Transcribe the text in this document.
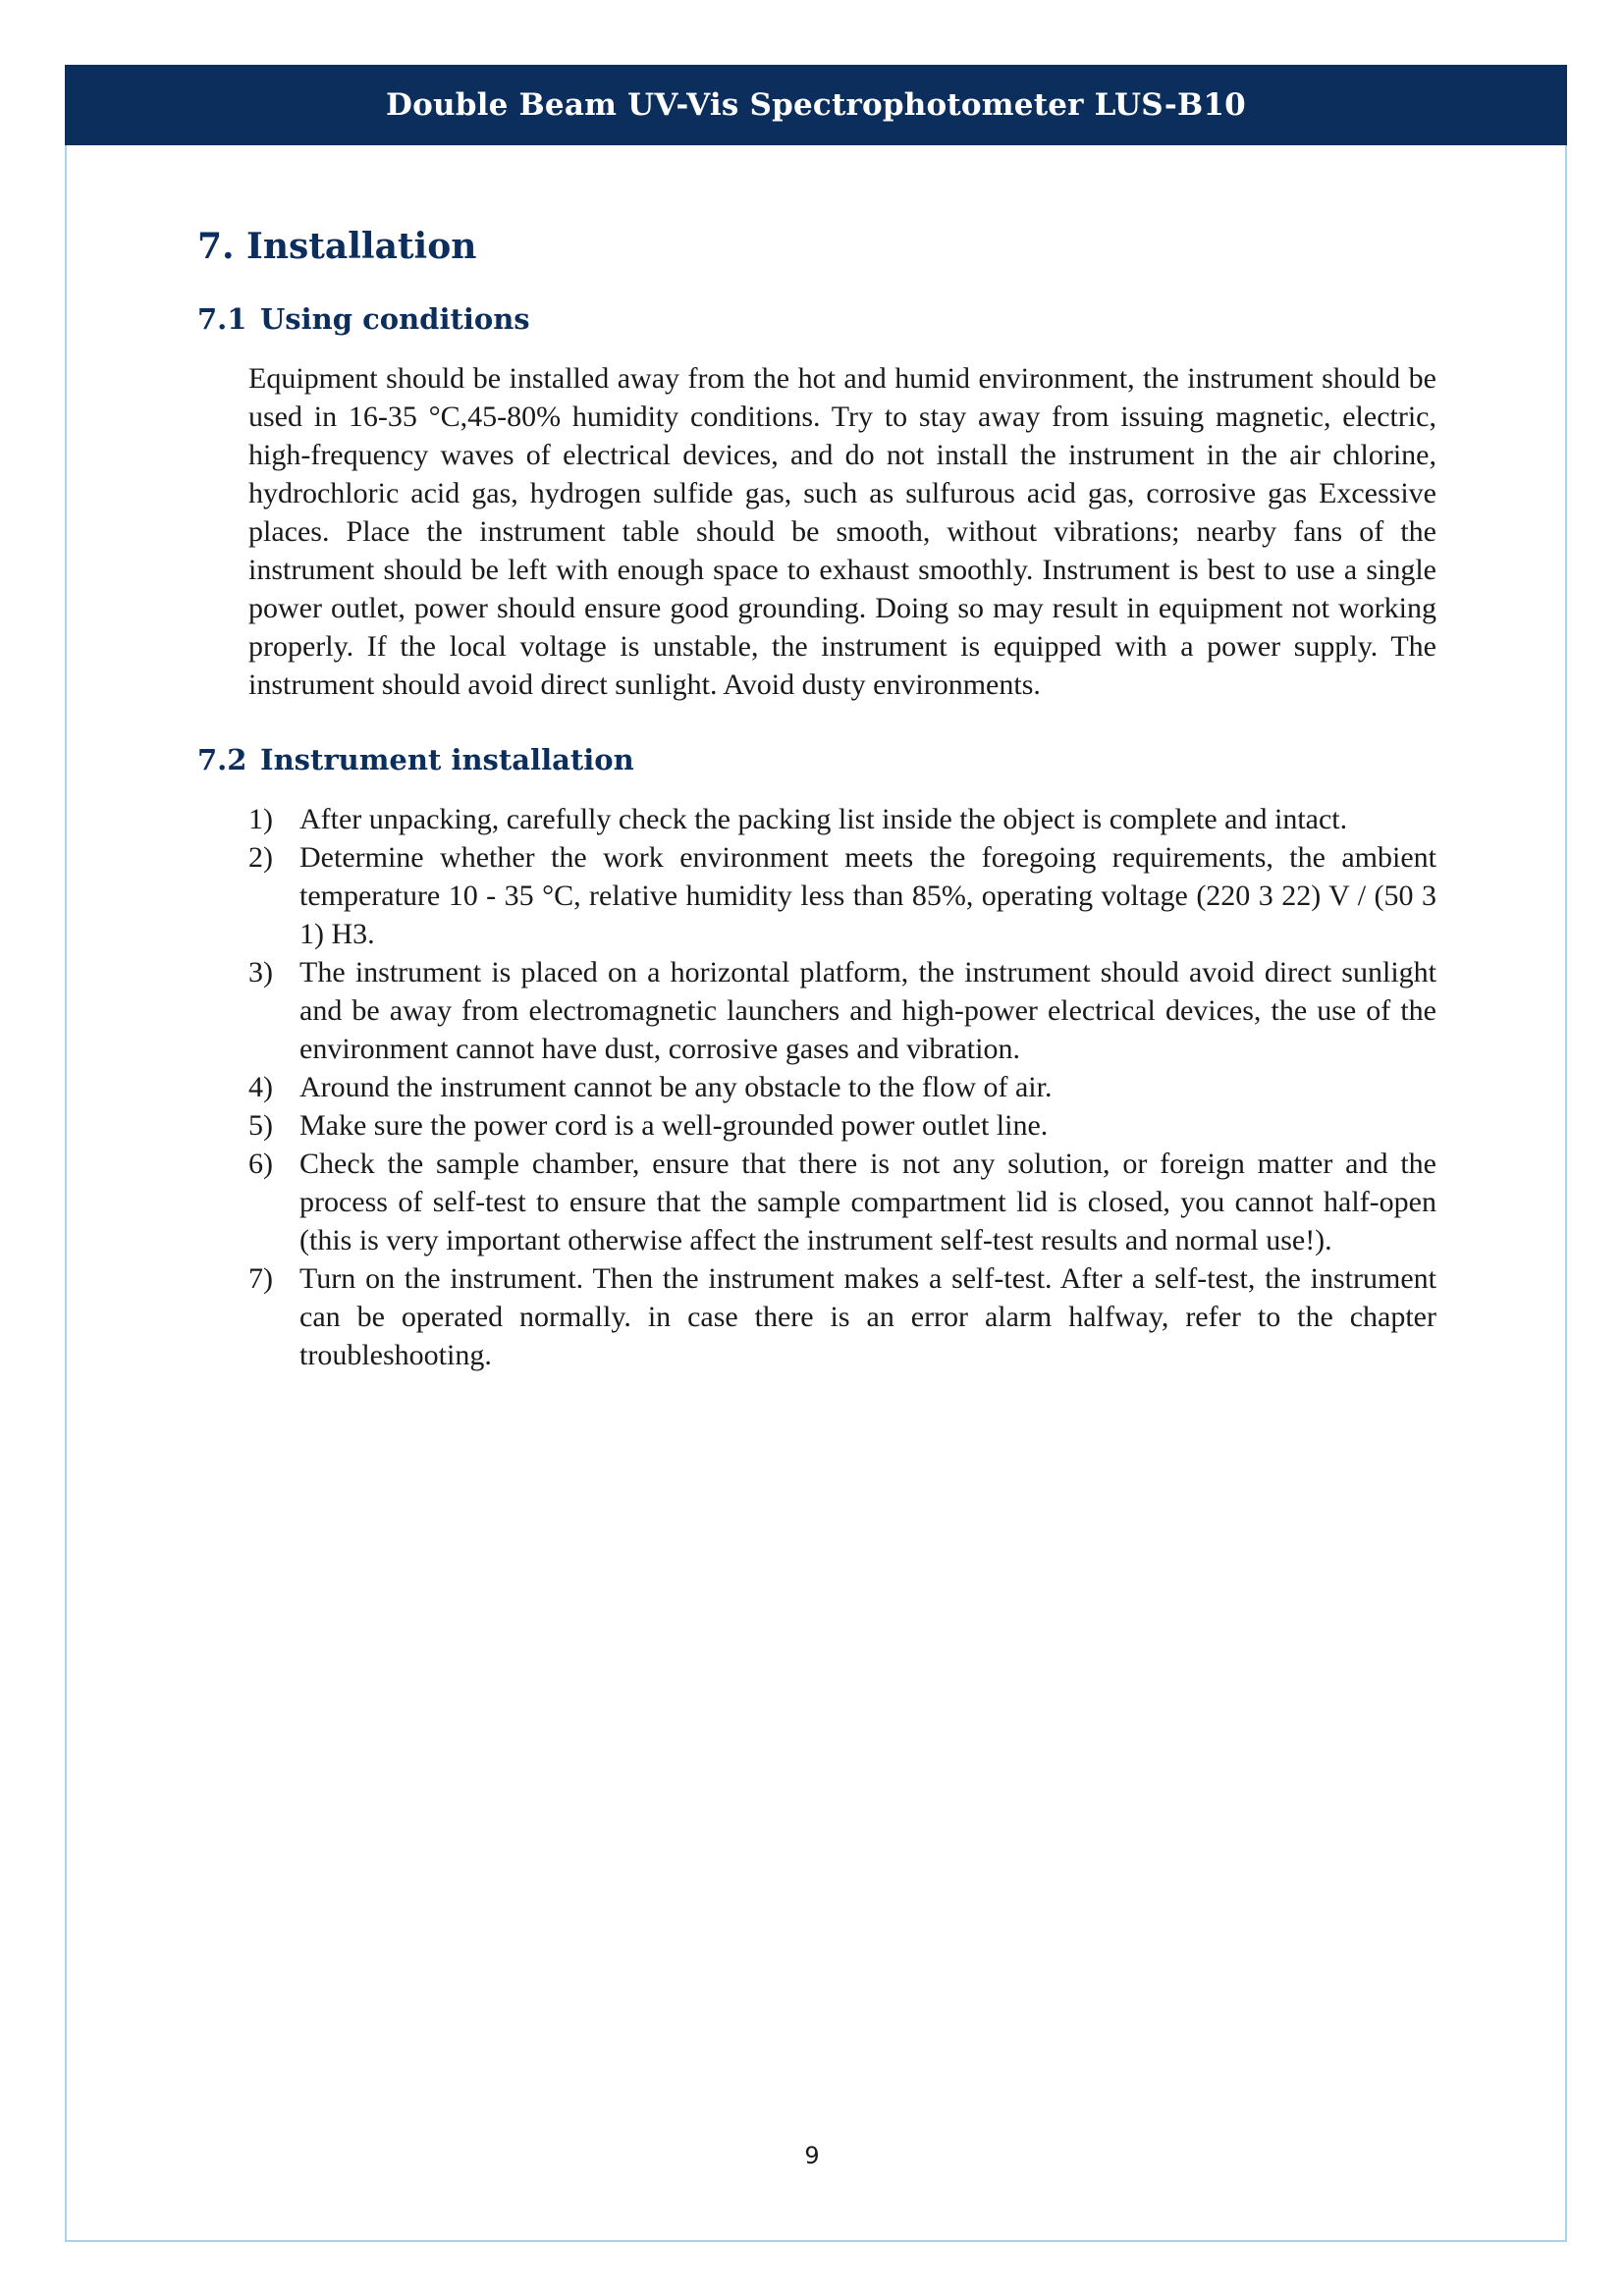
Double Beam UV-Vis Spectrophotometer LUS-B10
7. Installation
7.1 Using conditions

Equipment should be installed away from the hot and humid environment, the instrument should be used in 16-35 °C,45-80% humidity conditions. Try to stay away from issuing magnetic, electric, high-frequency waves of electrical devices, and do not install the instrument in the air chlorine, hydrochloric acid gas, hydrogen sulfide gas, such as sulfurous acid gas, corrosive gas Excessive places. Place the instrument table should be smooth, without vibrations; nearby fans of the instrument should be left with enough space to exhaust smoothly. Instrument is best to use a single power outlet, power should ensure good grounding. Doing so may result in equipment not working properly. If the local voltage is unstable, the instrument is equipped with a power supply. The instrument should avoid direct sunlight. Avoid dusty environments.

7.2 Instrument installation
1) After unpacking, carefully check the packing list inside the object is complete and intact.
2) Determine whether the work environment meets the foregoing requirements, the ambient temperature 10 - 35 °C, relative humidity less than 85%, operating voltage (220 3 22) V / (50 3 1) H3.
3) The instrument is placed on a horizontal platform, the instrument should avoid direct sunlight and be away from electromagnetic launchers and high-power electrical devices, the use of the environment cannot have dust, corrosive gases and vibration.
4) Around the instrument cannot be any obstacle to the flow of air.
5) Make sure the power cord is a well-grounded power outlet line.
6) Check the sample chamber, ensure that there is not any solution, or foreign matter and the process of self-test to ensure that the sample compartment lid is closed, you cannot half-open (this is very important otherwise affect the instrument self-test results and normal use!).
7) Turn on the instrument. Then the instrument makes a self-test. After a self-test, the instrument can be operated normally. in case there is an error alarm halfway, refer to the chapter troubleshooting.
9
